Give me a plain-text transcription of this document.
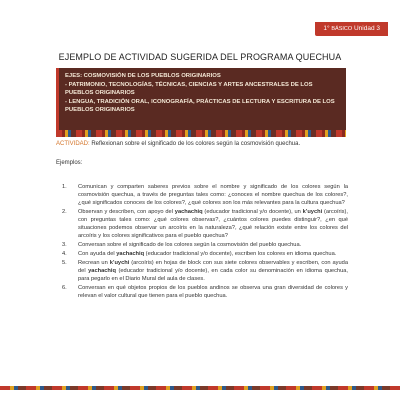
1° BÁSICO Unidad 3
EJEMPLO DE ACTIVIDAD SUGERIDA DEL PROGRAMA QUECHUA
EJES: COSMOVISIÓN DE LOS PUEBLOS ORIGINARIOS
- PATRIMONIO, TECNOLOGÍAS, TÉCNICAS, CIENCIAS Y ARTES ANCESTRALES DE LOS PUEBLOS ORIGINARIOS
- LENGUA, TRADICIÓN ORAL, ICONOGRAFÍA, PRÁCTICAS DE LECTURA Y ESCRITURA DE LOS PUEBLOS ORIGINARIOS
ACTIVIDAD: Reflexionan sobre el significado de los colores según la cosmovisión quechua.
Ejemplos:
1. Comunican y comparten saberes previos sobre el nombre y significado de los colores según la cosmovisión quechua, a través de preguntas tales como: ¿conoces el nombre quechua de los colores?, ¿qué significados conoces de los colores?, ¿qué colores son los más relevantes para la cultura quechua?
2. Observan y describen, con apoyo del yachachiq (educador tradicional y/o docente), un k’uychi (arcoíris), con preguntas tales como: ¿qué colores observas?, ¿cuántos colores puedes distinguir?, ¿en qué situaciones podemos observar un arcoíris en la naturaleza?, ¿qué relación existe entre los colores del arcoíris y los colores significativos para el pueblo quechua?
3. Conversan sobre el significado de los colores según la cosmovisión del pueblo quechua.
4. Con ayuda del yachachiq (educador tradicional y/o docente), escriben los colores en idioma quechua.
5. Recrean un k’uychi (arcoíris) en hojas de block con sus siete colores observables y escriben, con ayuda del yachachiq (educador tradicional y/o docente), en cada color su denominación en idioma quechua, para pegarlo en el Diario Mural del aula de clases.
6. Conversan en qué objetos propios de los pueblos andinos se observa una gran diversidad de colores y relevan el valor cultural que tienen para el pueblo quechua.
